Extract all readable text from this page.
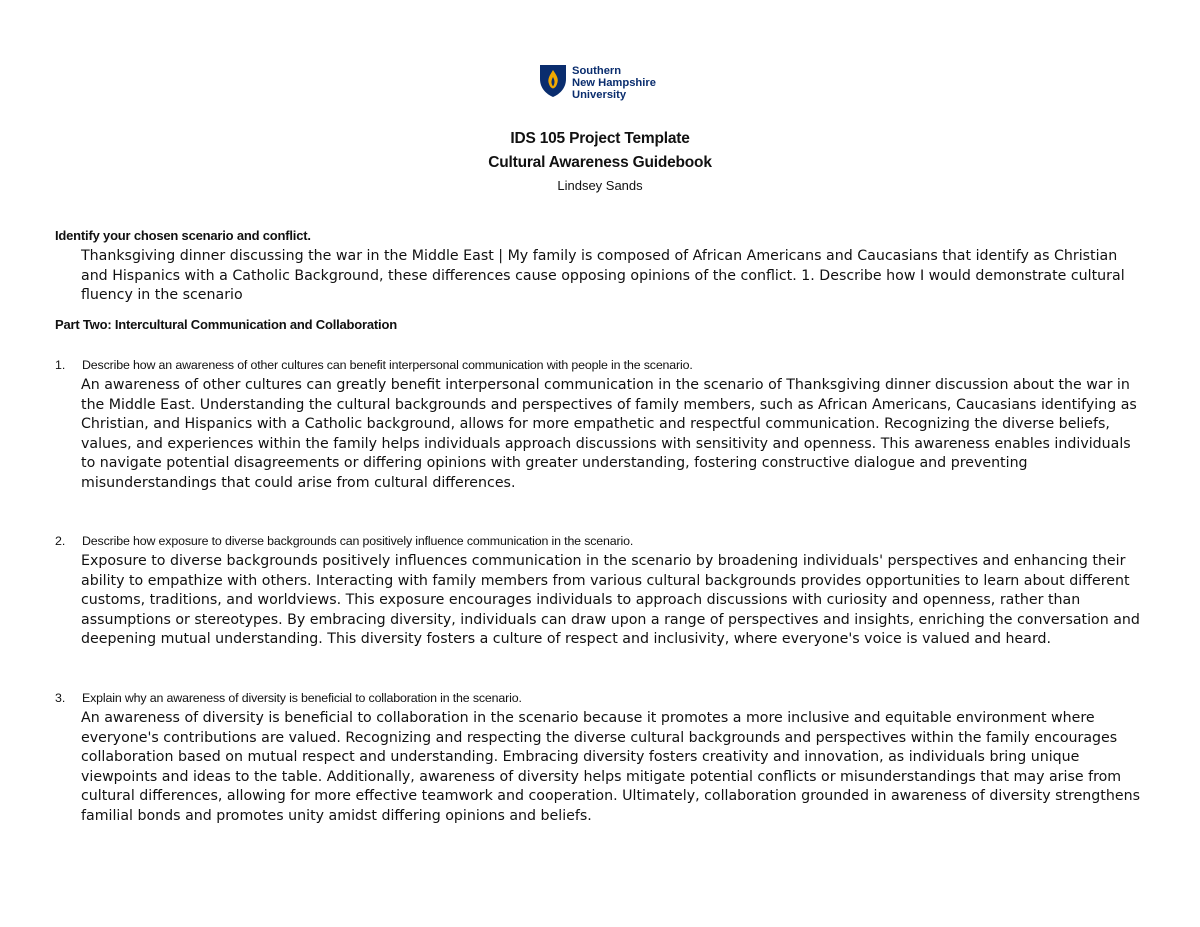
Southern
New Hampshire
University
IDS 105 Project Template
Cultural Awareness Guidebook
Lindsey Sands
Identify your chosen scenario and conflict.
Thanksgiving dinner discussing the war in the Middle East | My family is composed of African Americans and Caucasians that identify as Christian and Hispanics with a Catholic Background, these differences cause opposing opinions of the conflict. 1. Describe how I would demonstrate cultural fluency in the scenario
Part Two: Intercultural Communication and Collaboration
1.	Describe how an awareness of other cultures can benefit interpersonal communication with people in the scenario.
An awareness of other cultures can greatly benefit interpersonal communication in the scenario of Thanksgiving dinner discussion about the war in the Middle East. Understanding the cultural backgrounds and perspectives of family members, such as African Americans, Caucasians identifying as Christian, and Hispanics with a Catholic background, allows for more empathetic and respectful communication. Recognizing the diverse beliefs, values, and experiences within the family helps individuals approach discussions with sensitivity and openness. This awareness enables individuals to navigate potential disagreements or differing opinions with greater understanding, fostering constructive dialogue and preventing misunderstandings that could arise from cultural differences.
2.	Describe how exposure to diverse backgrounds can positively influence communication in the scenario.
Exposure to diverse backgrounds positively influences communication in the scenario by broadening individuals' perspectives and enhancing their ability to empathize with others. Interacting with family members from various cultural backgrounds provides opportunities to learn about different customs, traditions, and worldviews. This exposure encourages individuals to approach discussions with curiosity and openness, rather than assumptions or stereotypes. By embracing diversity, individuals can draw upon a range of perspectives and insights, enriching the conversation and deepening mutual understanding. This diversity fosters a culture of respect and inclusivity, where everyone's voice is valued and heard.
3.	Explain why an awareness of diversity is beneficial to collaboration in the scenario.
An awareness of diversity is beneficial to collaboration in the scenario because it promotes a more inclusive and equitable environment where everyone's contributions are valued. Recognizing and respecting the diverse cultural backgrounds and perspectives within the family encourages collaboration based on mutual respect and understanding. Embracing diversity fosters creativity and innovation, as individuals bring unique viewpoints and ideas to the table. Additionally, awareness of diversity helps mitigate potential conflicts or misunderstandings that may arise from cultural differences, allowing for more effective teamwork and cooperation. Ultimately, collaboration grounded in awareness of diversity strengthens familial bonds and promotes unity amidst differing opinions and beliefs.
